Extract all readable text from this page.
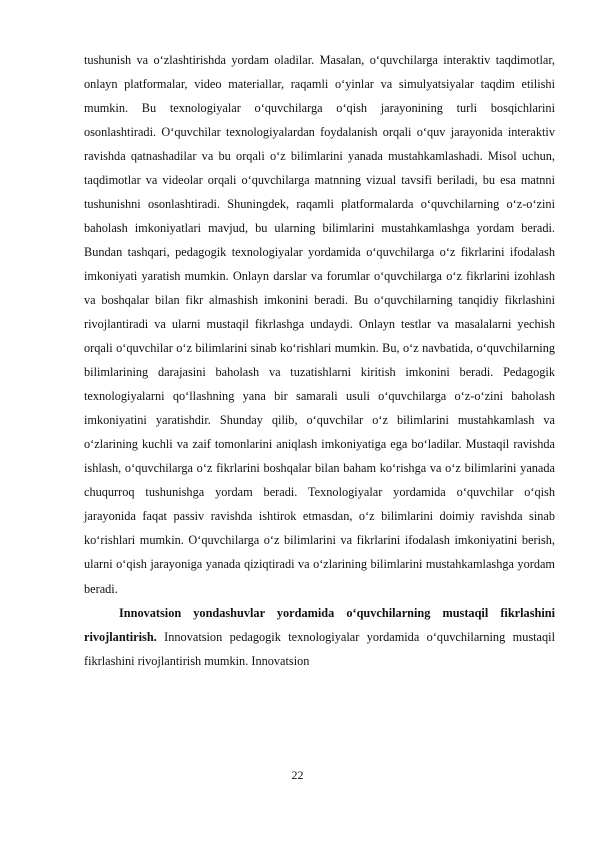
tushunish va o‘zlashtirishda yordam oladilar. Masalan, o‘quvchilarga interaktiv taqdimotlar, onlayn platformalar, video materiallar, raqamli o‘yinlar va simulyatsiyalar taqdim etilishi mumkin. Bu texnologiyalar o‘quvchilarga o‘qish jarayonining turli bosqichlarini osonlashtiradi. O‘quvchilar texnologiyalardan foydalanish orqali o‘quv jarayonida interaktiv ravishda qatnashadilar va bu orqali o‘z bilimlarini yanada mustahkamlashadi. Misol uchun, taqdimotlar va videolar orqali o‘quvchilarga matnning vizual tavsifi beriladi, bu esa matnni tushunishni osonlashtiradi. Shuningdek, raqamli platformalarda o‘quvchilarning o‘z-o‘zini baholash imkoniyatlari mavjud, bu ularning bilimlarini mustahkamlashga yordam beradi. Bundan tashqari, pedagogik texnologiyalar yordamida o‘quvchilarga o‘z fikrlarini ifodalash imkoniyati yaratish mumkin. Onlayn darslar va forumlar o‘quvchilarga o‘z fikrlarini izohlash va boshqalar bilan fikr almashish imkonini beradi. Bu o‘quvchilarning tanqidiy fikrlashini rivojlantiradi va ularni mustaqil fikrlashga undaydi. Onlayn testlar va masalalarni yechish orqali o‘quvchilar o‘z bilimlarini sinab ko‘rishlari mumkin. Bu, o‘z navbatida, o‘quvchilarning bilimlarining darajasini baholash va tuzatishlarni kiritish imkonini beradi. Pedagogik texnologiyalarni qo‘llashning yana bir samarali usuli o‘quvchilarga o‘z-o‘zini baholash imkoniyatini yaratishdir. Shunday qilib, o‘quvchilar o‘z bilimlarini mustahkamlash va o‘zlarining kuchli va zaif tomonlarini aniqlash imkoniyatiga ega bo‘ladilar. Mustaqil ravishda ishlash, o‘quvchilarga o‘z fikrlarini boshqalar bilan baham ko‘rishga va o‘z bilimlarini yanada chuqurroq tushunishga yordam beradi. Texnologiyalar yordamida o‘quvchilar o‘qish jarayonida faqat passiv ravishda ishtirok etmasdan, o‘z bilimlarini doimiy ravishda sinab ko‘rishlari mumkin. O‘quvchilarga o‘z bilimlarini va fikrlarini ifodalash imkoniyatini berish, ularni o‘qish jarayoniga yanada qiziqtiradi va o‘zlarining bilimlarini mustahkamlashga yordam beradi.

Innovatsion yondashuvlar yordamida o‘quvchilarning mustaqil fikrlashini rivojlantirish. Innovatsion pedagogik texnologiyalar yordamida o‘quvchilarning mustaqil fikrlashini rivojlantirish mumkin. Innovatsion

22
